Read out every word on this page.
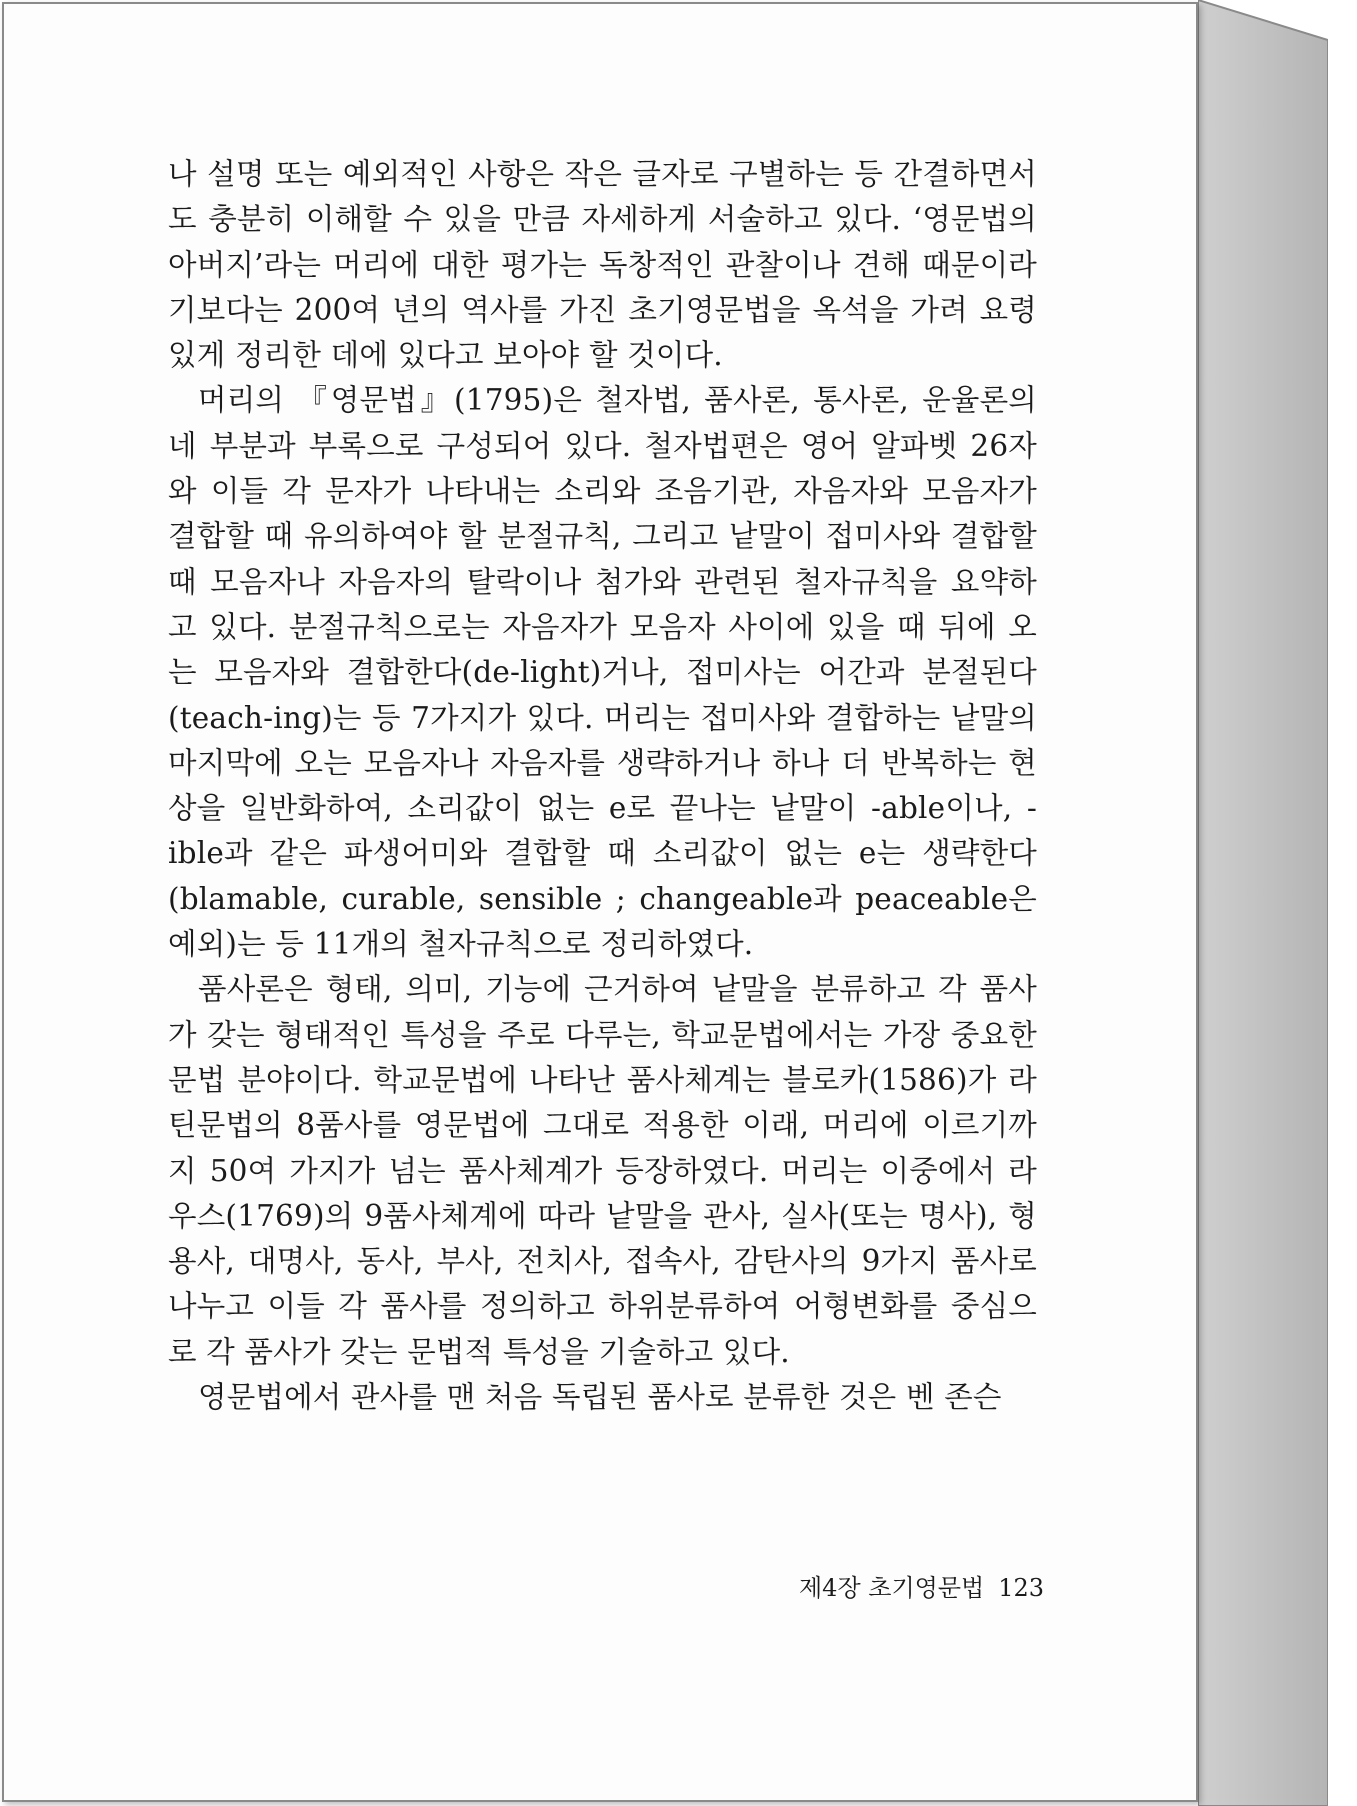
나 설명 또는 예외적인 사항은 작은 글자로 구별하는 등 간결하면서도 충분히 이해할 수 있을 만큼 자세하게 서술하고 있다. ‘영문법의 아버지’라는 머리에 대한 평가는 독창적인 관찰이나 견해 때문이라기보다는 200여 년의 역사를 가진 초기영문법을 옥석을 가려 요령있게 정리한 데에 있다고 보아야 할 것이다.

머리의 『영문법』(1795)은 철자법, 품사론, 통사론, 운율론의 네 부분과 부록으로 구성되어 있다. 철자법편은 영어 알파벳 26자와 이들 각 문자가 나타내는 소리와 조음기관, 자음자와 모음자가 결합할 때 유의하여야 할 분절규칙, 그리고 낱말이 접미사와 결합할 때 모음자나 자음자의 탈락이나 첨가와 관련된 철자규칙을 요약하고 있다. 분절규칙으로는 자음자가 모음자 사이에 있을 때 뒤에 오는 모음자와 결합한다(de-light)거나, 접미사는 어간과 분절된다(teach-ing)는 등 7가지가 있다. 머리는 접미사와 결합하는 낱말의 마지막에 오는 모음자나 자음자를 생략하거나 하나 더 반복하는 현상을 일반화하여, 소리값이 없는 e로 끝나는 낱말이 -able이나, -ible과 같은 파생어미와 결합할 때 소리값이 없는 e는 생략한다(blamable, curable, sensible ; changeable과 peaceable은 예외)는 등 11개의 철자규칙으로 정리하였다.

품사론은 형태, 의미, 기능에 근거하여 낱말을 분류하고 각 품사가 갖는 형태적인 특성을 주로 다루는, 학교문법에서는 가장 중요한 문법 분야이다. 학교문법에 나타난 품사체계는 블로카(1586)가 라틴문법의 8품사를 영문법에 그대로 적용한 이래, 머리에 이르기까지 50여 가지가 넘는 품사체계가 등장하였다. 머리는 이중에서 라우스(1769)의 9품사체계에 따라 낱말을 관사, 실사(또는 명사), 형용사, 대명사, 동사, 부사, 전치사, 접속사, 감탄사의 9가지 품사로 나누고 이들 각 품사를 정의하고 하위분류하여 어형변화를 중심으로 각 품사가 갖는 문법적 특성을 기술하고 있다.

영문법에서 관사를 맨 처음 독립된 품사로 분류한 것은 벤 존슨

제4장 초기영문법 123
